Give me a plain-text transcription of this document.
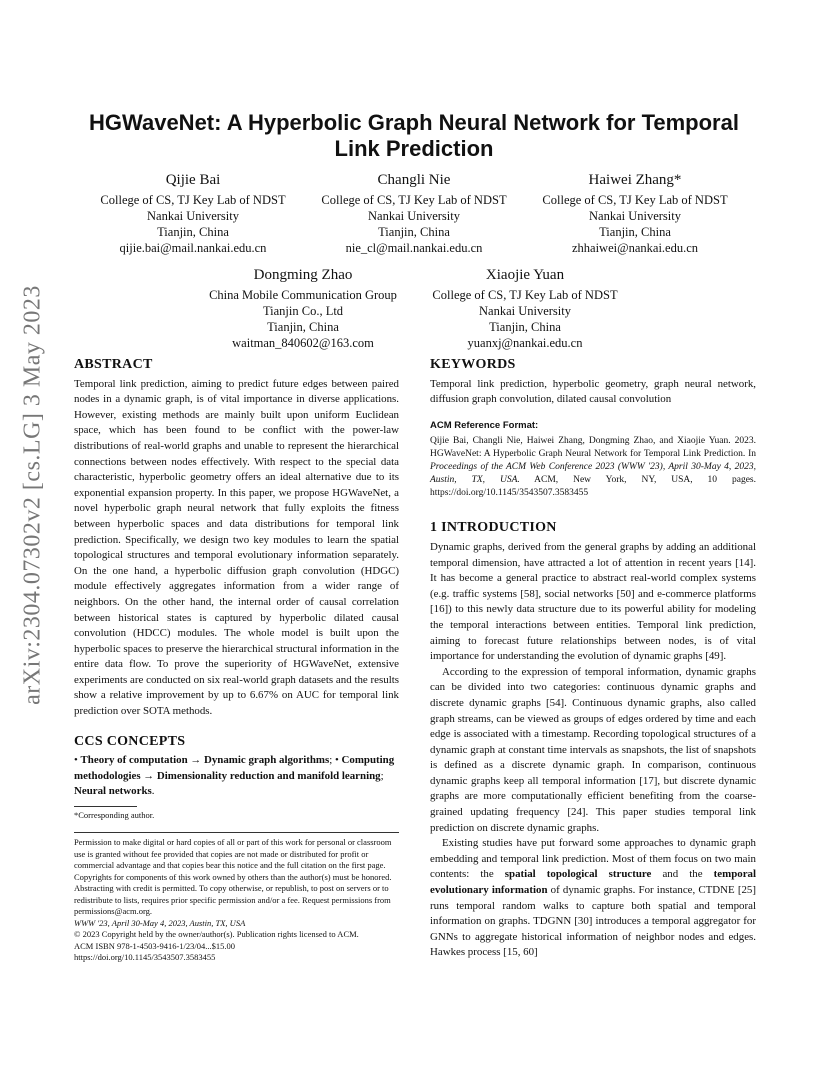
arXiv:2304.07302v2 [cs.LG] 3 May 2023
HGWaveNet: A Hyperbolic Graph Neural Network for Temporal Link Prediction
Qijie Bai
College of CS, TJ Key Lab of NDST
Nankai University
Tianjin, China
qijie.bai@mail.nankai.edu.cn
Changli Nie
College of CS, TJ Key Lab of NDST
Nankai University
Tianjin, China
nie_cl@mail.nankai.edu.cn
Haiwei Zhang*
College of CS, TJ Key Lab of NDST
Nankai University
Tianjin, China
zhhaiwei@nankai.edu.cn
Dongming Zhao
China Mobile Communication Group
Tianjin Co., Ltd
Tianjin, China
waitman_840602@163.com
Xiaojie Yuan
College of CS, TJ Key Lab of NDST
Nankai University
Tianjin, China
yuanxj@nankai.edu.cn
ABSTRACT

Temporal link prediction, aiming to predict future edges between paired nodes in a dynamic graph, is of vital importance in diverse applications. However, existing methods are mainly built upon uniform Euclidean space, which has been found to be conflict with the power-law distributions of real-world graphs and unable to represent the hierarchical connections between nodes effectively. With respect to the special data characteristic, hyperbolic geometry offers an ideal alternative due to its exponential expansion property. In this paper, we propose HGWaveNet, a novel hyperbolic graph neural network that fully exploits the fitness between hyperbolic spaces and data distributions for temporal link prediction. Specifically, we design two key modules to learn the spatial topological structures and temporal evolutionary information separately. On the one hand, a hyperbolic diffusion graph convolution (HDGC) module effectively aggregates information from a wider range of neighbors. On the other hand, the internal order of causal correlation between historical states is captured by hyperbolic dilated causal convolution (HDCC) modules. The whole model is built upon the hyperbolic spaces to preserve the hierarchical structural information in the entire data flow. To prove the superiority of HGWaveNet, extensive experiments are conducted on six real-world graph datasets and the results show a relative improvement by up to 6.67% on AUC for temporal link prediction over SOTA methods.

CCS CONCEPTS

• Theory of computation → Dynamic graph algorithms; • Computing methodologies → Dimensionality reduction and manifold learning; Neural networks.

*Corresponding author.
Permission to make digital or hard copies of all or part of this work for personal or classroom use is granted without fee provided that copies are not made or distributed for profit or commercial advantage and that copies bear this notice and the full citation on the first page. Copyrights for components of this work owned by others than the author(s) must be honored. Abstracting with credit is permitted. To copy otherwise, or republish, to post on servers or to redistribute to lists, requires prior specific permission and/or a fee. Request permissions from permissions@acm.org.
WWW '23, April 30-May 4, 2023, Austin, TX, USA
© 2023 Copyright held by the owner/author(s). Publication rights licensed to ACM.
ACM ISBN 978-1-4503-9416-1/23/04...$15.00
https://doi.org/10.1145/3543507.3583455
KEYWORDS

Temporal link prediction, hyperbolic geometry, graph neural network, diffusion graph convolution, dilated causal convolution

ACM Reference Format:

Qijie Bai, Changli Nie, Haiwei Zhang, Dongming Zhao, and Xiaojie Yuan. 2023. HGWaveNet: A Hyperbolic Graph Neural Network for Temporal Link Prediction. In Proceedings of the ACM Web Conference 2023 (WWW '23), April 30-May 4, 2023, Austin, TX, USA. ACM, New York, NY, USA, 10 pages. https://doi.org/10.1145/3543507.3583455

1 INTRODUCTION

Dynamic graphs, derived from the general graphs by adding an additional temporal dimension, have attracted a lot of attention in recent years [14]. It has become a general practice to abstract real-world complex systems (e.g. traffic systems [58], social networks [50] and e-commerce platforms [16]) to this newly data structure due to its powerful ability for modeling the temporal interactions between entities. Temporal link prediction, aiming to forecast future relationships between nodes, is of vital importance for understanding the evolution of dynamic graphs [49].

According to the expression of temporal information, dynamic graphs can be divided into two categories: continuous dynamic graphs and discrete dynamic graphs [54]. Continuous dynamic graphs, also called graph streams, can be viewed as groups of edges ordered by time and each edge is associated with a timestamp. Recording topological structures of a dynamic graph at constant time intervals as snapshots, the list of snapshots is defined as a discrete dynamic graph. In comparison, continuous dynamic graphs keep all temporal information [17], but discrete dynamic graphs are more computationally efficient benefiting from the coarse-grained updating frequency [24]. This paper studies temporal link prediction on discrete dynamic graphs.

Existing studies have put forward some approaches to dynamic graph embedding and temporal link prediction. Most of them focus on two main contents: the spatial topological structure and the temporal evolutionary information of dynamic graphs. For instance, CTDNE [25] runs temporal random walks to capture both spatial and temporal information on graphs. TDGNN [30] introduces a temporal aggregator for GNNs to aggregate historical information of neighbor nodes and edges. Hawkes process [15, 60]
